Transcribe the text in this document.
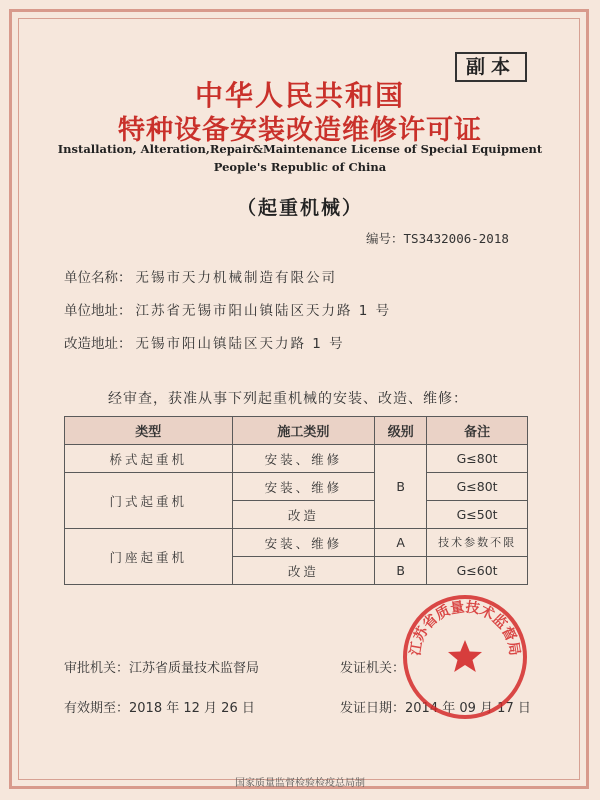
副本
中华人民共和国
特种设备安装改造维修许可证
Installation, Alteration,Repair&Maintenance License of Special Equipment
People's Republic of China
（起重机械）
编号：TS3432006-2018
单位名称： 无锡市天力机械制造有限公司
单位地址： 江苏省无锡市阳山镇陆区天力路 1 号
改造地址： 无锡市阳山镇陆区天力路 1 号
经审查，获准从事下列起重机械的安装、改造、维修：
类型	施工类别	级别	备注
桥式起重机	安装、维修	B	G≤80t
门式起重机	安装、维修		G≤80t
	改造		G≤50t
门座起重机	安装、维修	A	技术参数不限
	改造	B	G≤60t
审批机关：江苏省质量技术监督局	发证机关：
有效期至：2018 年 12 月 26 日	发证日期：2014 年 09 月 17 日
江苏省质量技术监督局
国家质量监督检验检疫总局制
